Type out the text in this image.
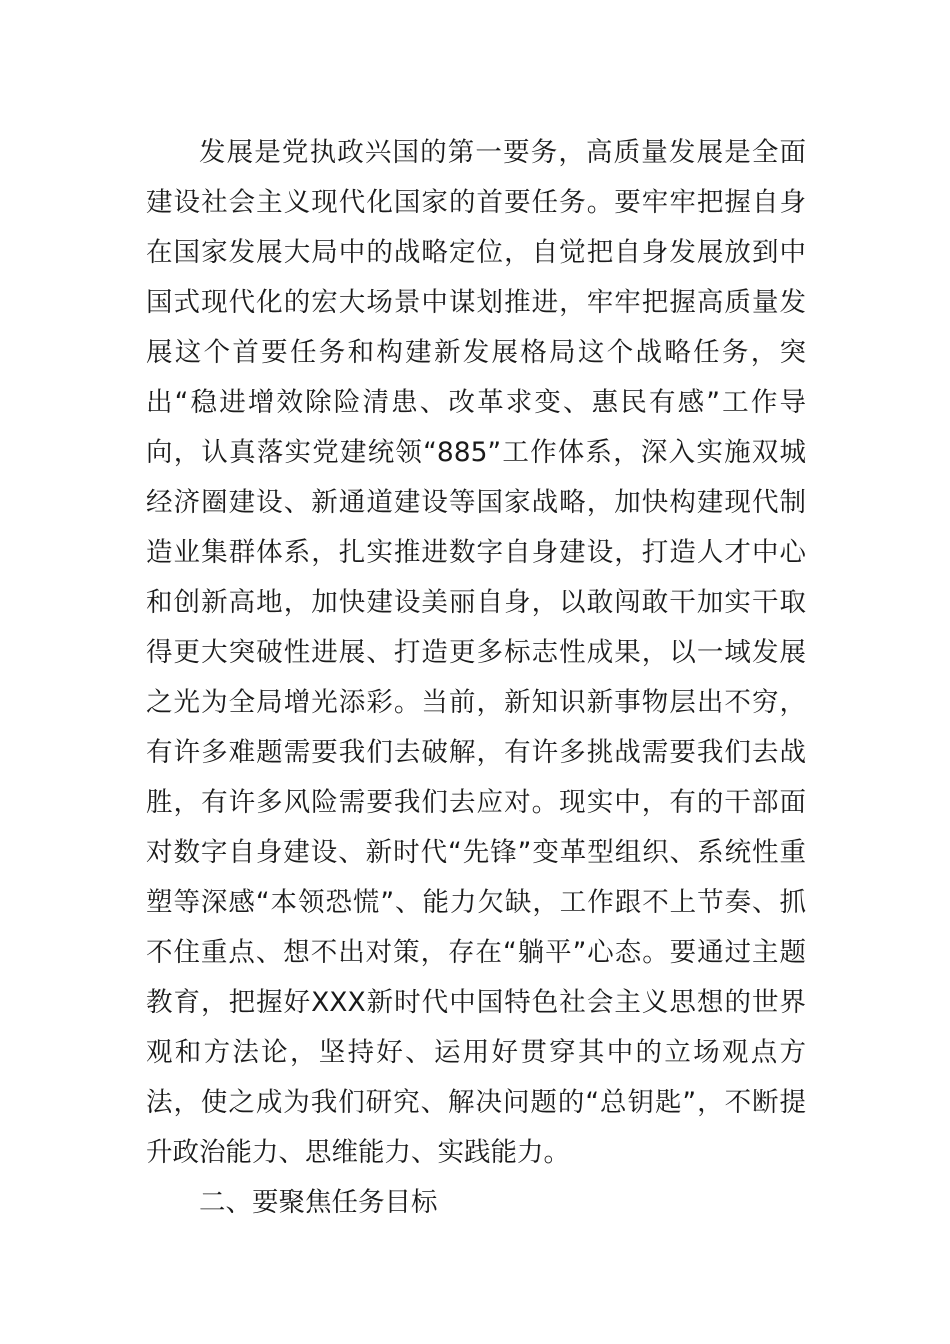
发展是党执政兴国的第一要务，高质量发展是全面建设社会主义现代化国家的首要任务。要牢牢把握自身在国家发展大局中的战略定位，自觉把自身发展放到中国式现代化的宏大场景中谋划推进，牢牢把握高质量发展这个首要任务和构建新发展格局这个战略任务，突出“稳进增效除险清患、改革求变、惠民有感”工作导向，认真落实党建统领“885”工作体系，深入实施双城经济圈建设、新通道建设等国家战略，加快构建现代制造业集群体系，扎实推进数字自身建设，打造人才中心和创新高地，加快建设美丽自身，以敢闯敢干加实干取得更大突破性进展、打造更多标志性成果，以一域发展之光为全局增光添彩。当前，新知识新事物层出不穷，有许多难题需要我们去破解，有许多挑战需要我们去战胜，有许多风险需要我们去应对。现实中，有的干部面对数字自身建设、新时代“先锋”变革型组织、系统性重塑等深感“本领恐慌”、能力欠缺，工作跟不上节奏、抓不住重点、想不出对策，存在“躺平”心态。要通过主题教育，把握好XXX新时代中国特色社会主义思想的世界观和方法论，坚持好、运用好贯穿其中的立场观点方法，使之成为我们研究、解决问题的“总钥匙”，不断提升政治能力、思维能力、实践能力。

二、要聚焦任务目标
